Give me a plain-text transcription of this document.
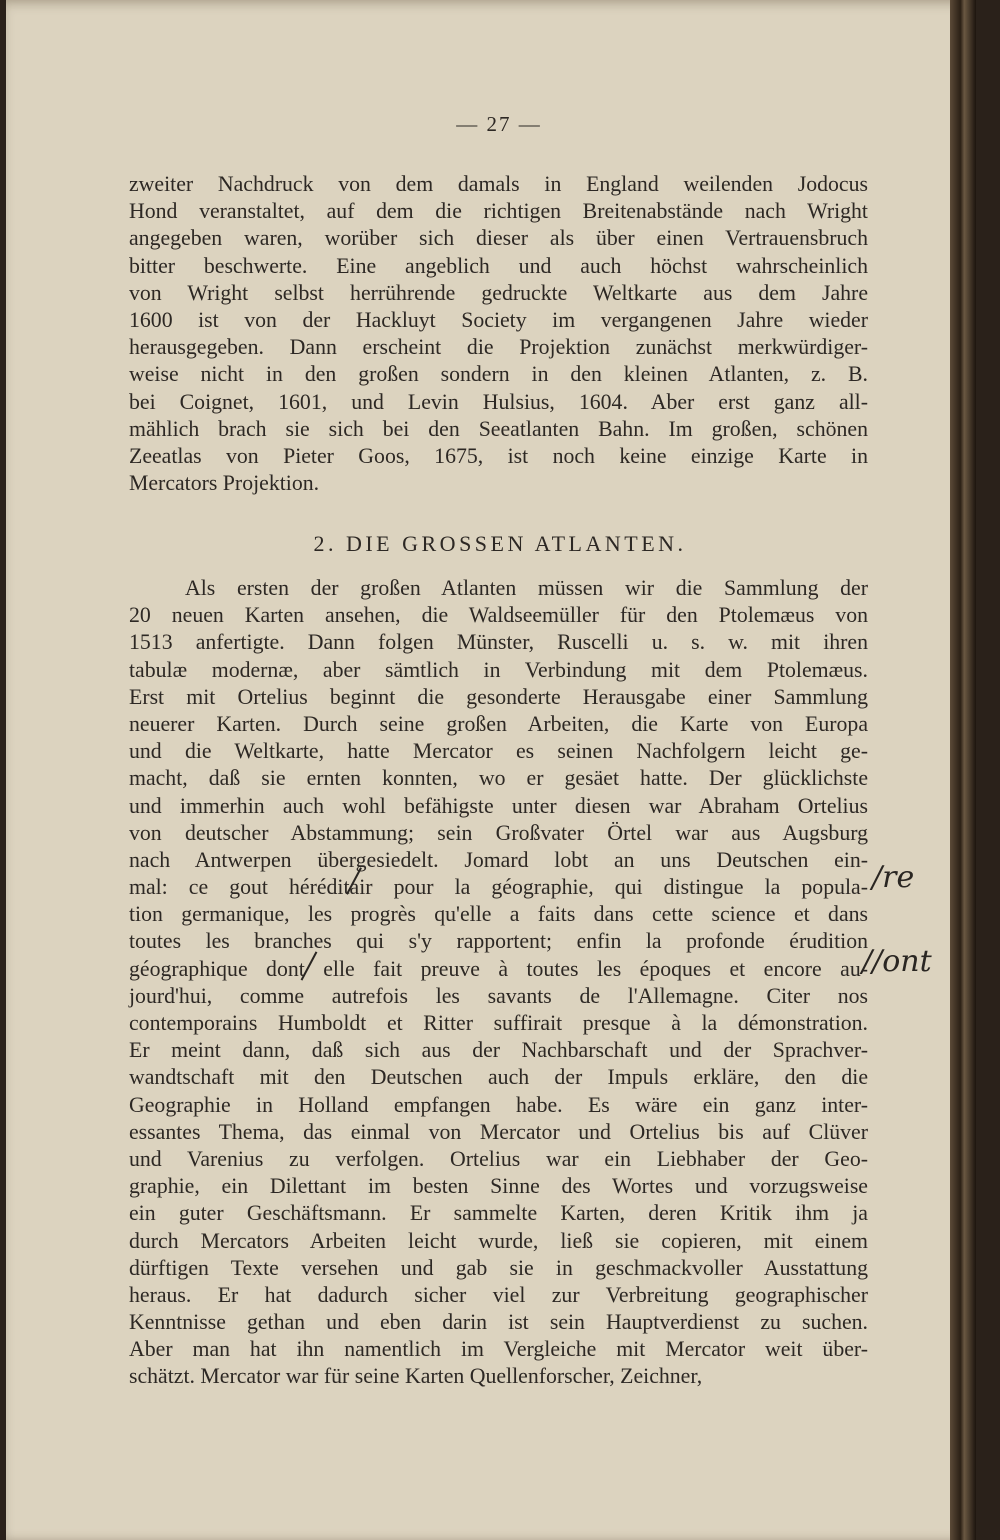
— 27 —
zweiter Nachdruck von dem damals in England weilenden Jodocus
Hond veranstaltet, auf dem die richtigen Breitenabstände nach Wright
angegeben waren, worüber sich dieser als über einen Vertrauensbruch
bitter beschwerte. Eine angeblich und auch höchst wahrscheinlich
von Wright selbst herrührende gedruckte Weltkarte aus dem Jahre
1600 ist von der Hackluyt Society im vergangenen Jahre wieder
herausgegeben. Dann erscheint die Projektion zunächst merkwürdiger-
weise nicht in den großen sondern in den kleinen Atlanten, z. B.
bei Coignet, 1601, und Levin Hulsius, 1604. Aber erst ganz all-
mählich brach sie sich bei den Seeatlanten Bahn. Im großen, schönen
Zeeatlas von Pieter Goos, 1675, ist noch keine einzige Karte in
Mercators Projektion.
2. DIE GROSSEN ATLANTEN.
Als ersten der großen Atlanten müssen wir die Sammlung der
20 neuen Karten ansehen, die Waldseemüller für den Ptolemæus von
1513 anfertigte. Dann folgen Münster, Ruscelli u. s. w. mit ihren
tabulæ modernæ, aber sämtlich in Verbindung mit dem Ptolemæus.
Erst mit Ortelius beginnt die gesonderte Herausgabe einer Sammlung
neuerer Karten. Durch seine großen Arbeiten, die Karte von Europa
und die Weltkarte, hatte Mercator es seinen Nachfolgern leicht ge-
macht, daß sie ernten konnten, wo er gesäet hatte. Der glücklichste
und immerhin auch wohl befähigste unter diesen war Abraham Ortelius
von deutscher Abstammung; sein Großvater Örtel war aus Augsburg
nach Antwerpen übergesiedelt. Jomard lobt an uns Deutschen ein-
mal: ce gout héréditair pour la géographie, qui distingue la popula-
tion germanique, les progrès qu'elle a faits dans cette science et dans
toutes les branches qui s'y rapportent; enfin la profonde érudition
géographique dont elle fait preuve à toutes les époques et encore au-
jourd'hui, comme autrefois les savants de l'Allemagne. Citer nos
contemporains Humboldt et Ritter suffirait presque à la démonstration.
Er meint dann, daß sich aus der Nachbarschaft und der Sprachver-
wandtschaft mit den Deutschen auch der Impuls erkläre, den die
Geographie in Holland empfangen habe. Es wäre ein ganz inter-
essantes Thema, das einmal von Mercator und Ortelius bis auf Clüver
und Varenius zu verfolgen. Ortelius war ein Liebhaber der Geo-
graphie, ein Dilettant im besten Sinne des Wortes und vorzugsweise
ein guter Geschäftsmann. Er sammelte Karten, deren Kritik ihm ja
durch Mercators Arbeiten leicht wurde, ließ sie copieren, mit einem
dürftigen Texte versehen und gab sie in geschmackvoller Ausstattung
heraus. Er hat dadurch sicher viel zur Verbreitung geographischer
Kenntnisse gethan und eben darin ist sein Hauptverdienst zu suchen.
Aber man hat ihn namentlich im Vergleiche mit Mercator weit über-
schätzt. Mercator war für seine Karten Quellenforscher, Zeichner,
/re
//ont
